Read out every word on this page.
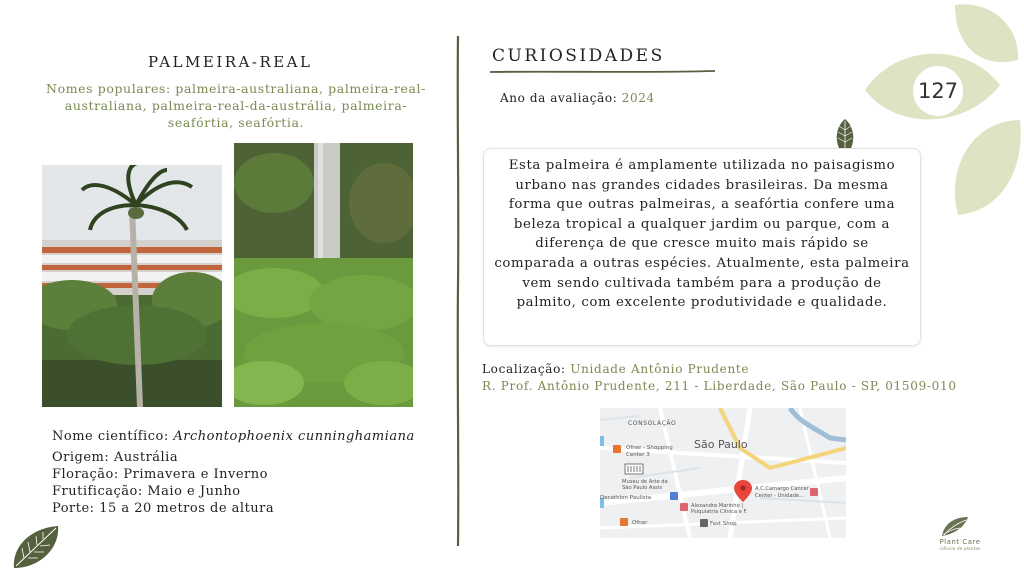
127
PALMEIRA-REAL
Nomes populares: palmeira-australiana, palmeira-real-australiana, palmeira-real-da-austrália, palmeira-seafórtia, seafórtia.
Nome científico: Archontophoenix cunninghamiana
Origem: Austrália
Floração: Primavera e Inverno
Frutificação: Maio e Junho
Porte: 15 a 20 metros de altura
CURIOSIDADES
Ano da avaliação: 2024

Esta palmeira é amplamente utilizada no paisagismo urbano nas grandes cidades brasileiras. Da mesma forma que outras palmeiras, a seafórtia confere uma beleza tropical a qualquer jardim ou parque, com a diferença de que cresce muito mais rápido se comparada a outras espécies. Atualmente, esta palmeira vem sendo cultivada também para a produção de palmito, com excelente produtividade e qualidade.

Localização: Unidade Antônio Prudente
R. Prof. Antônio Prudente, 211 - Liberdade, São Paulo - SP, 01509-010
CONSOLAÇÃO
São Paulo
Ofner - Shopping
Center 3
Museu de Arte de
São Paulo Assis
Decathlon Paulista
Alexandre Marinho |
Psiquiatria Clínica e F.
A.C.Camargo Cancer
Center - Unidade...
Ofner	Fast Shop
Plant Care
ciência de plantas
